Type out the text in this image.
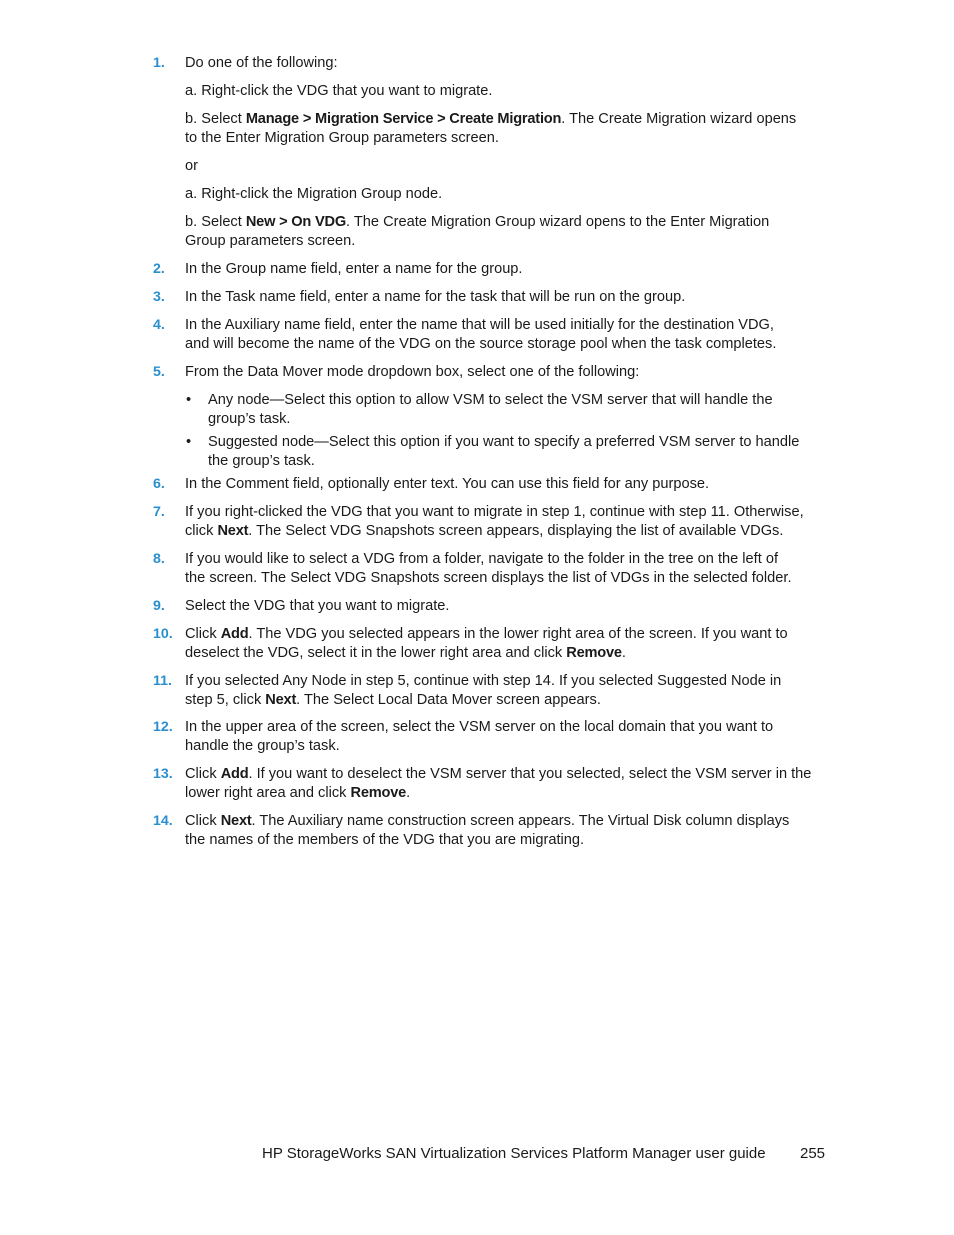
1. Do one of the following:
a. Right-click the VDG that you want to migrate.
b. Select Manage > Migration Service > Create Migration. The Create Migration wizard opens
to the Enter Migration Group parameters screen.
or
a. Right-click the Migration Group node.
b. Select New > On VDG. The Create Migration Group wizard opens to the Enter Migration
Group parameters screen.
2. In the Group name field, enter a name for the group.
3. In the Task name field, enter a name for the task that will be run on the group.
4. In the Auxiliary name field, enter the name that will be used initially for the destination VDG,
and will become the name of the VDG on the source storage pool when the task completes.
5. From the Data Mover mode dropdown box, select one of the following:
• Any node—Select this option to allow VSM to select the VSM server that will handle the
group’s task.
• Suggested node—Select this option if you want to specify a preferred VSM server to handle
the group’s task.
6. In the Comment field, optionally enter text. You can use this field for any purpose.
7. If you right-clicked the VDG that you want to migrate in step 1, continue with step 11. Otherwise,
click Next. The Select VDG Snapshots screen appears, displaying the list of available VDGs.
8. If you would like to select a VDG from a folder, navigate to the folder in the tree on the left of
the screen. The Select VDG Snapshots screen displays the list of VDGs in the selected folder.
9. Select the VDG that you want to migrate.
10. Click Add. The VDG you selected appears in the lower right area of the screen. If you want to
deselect the VDG, select it in the lower right area and click Remove.
11. If you selected Any Node in step 5, continue with step 14. If you selected Suggested Node in
step 5, click Next. The Select Local Data Mover screen appears.
12. In the upper area of the screen, select the VSM server on the local domain that you want to
handle the group’s task.
13. Click Add. If you want to deselect the VSM server that you selected, select the VSM server in the
lower right area and click Remove.
14. Click Next. The Auxiliary name construction screen appears. The Virtual Disk column displays
the names of the members of the VDG that you are migrating.
HP StorageWorks SAN Virtualization Services Platform Manager user guide 255
